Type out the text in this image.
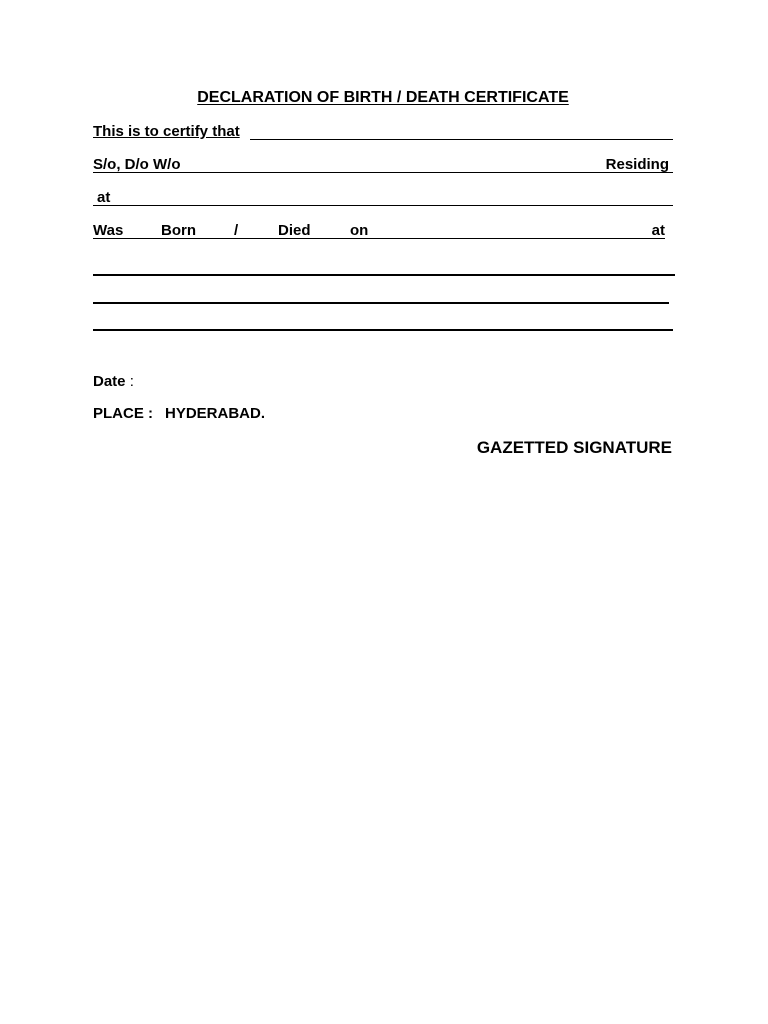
DECLARATION OF BIRTH / DEATH CERTIFICATE
This is to certify that
S/o, D/o W/o	Residing
at
Was	Born	/	Died	on	at
Date :
PLACE : HYDERABAD.
GAZETTED SIGNATURE
